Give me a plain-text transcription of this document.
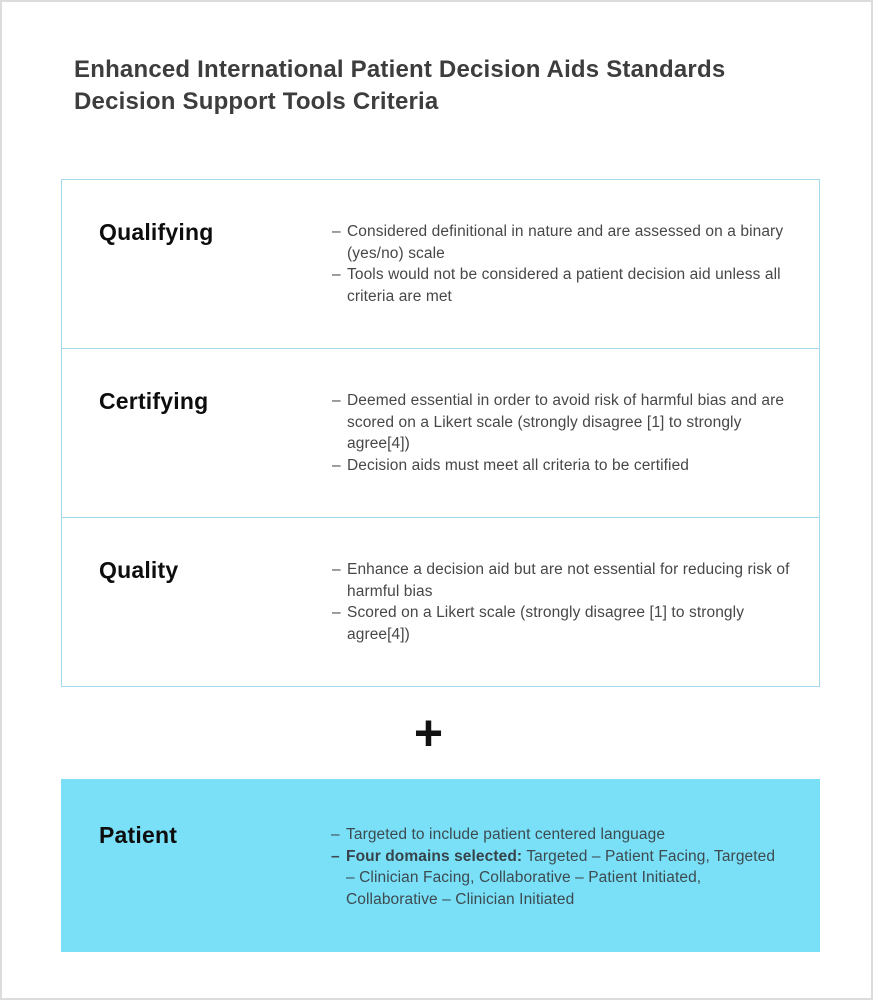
Enhanced International Patient Decision Aids Standards Decision Support Tools Criteria
Qualifying	– Considered definitional in nature and are assessed on a binary (yes/no) scale
– Tools would not be considered a patient decision aid unless all criteria are met
Certifying	– Deemed essential in order to avoid risk of harmful bias and are scored on a Likert scale (strongly disagree [1] to strongly agree[4])
– Decision aids must meet all criteria to be certified
Quality	– Enhance a decision aid but are not essential for reducing risk of harmful bias
– Scored on a Likert scale (strongly disagree [1] to strongly agree[4])
+
Patient	– Targeted to include patient centered language
– Four domains selected: Targeted – Patient Facing, Targeted – Clinician Facing, Collaborative – Patient Initiated, Collaborative – Clinician Initiated
